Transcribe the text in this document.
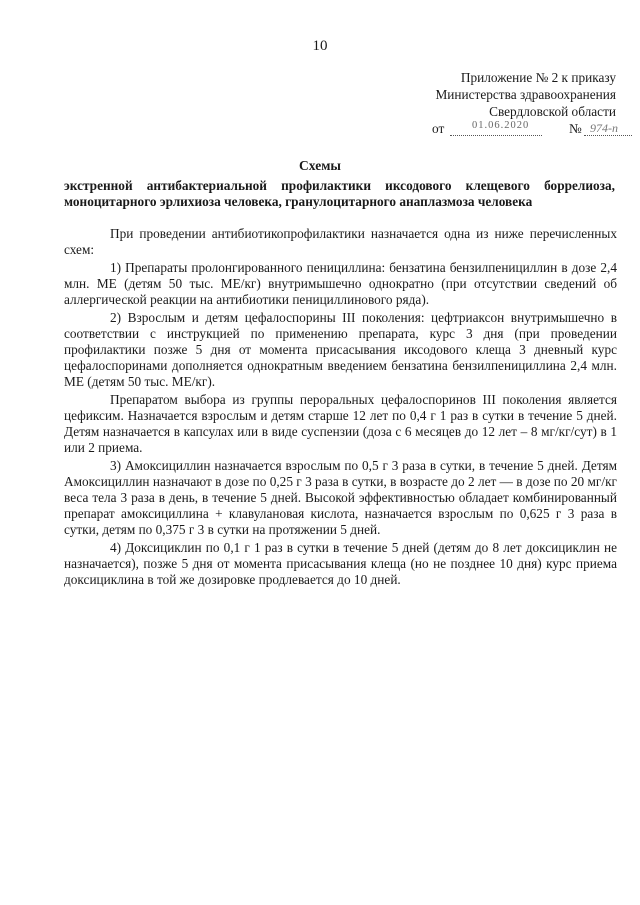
10
Приложение № 2 к приказу
Министерства здравоохранения
Свердловской области
от	01.06.2020	№ 974-п
Схемы
экстренной антибактериальной профилактики иксодового клещевого боррелиоза, моноцитарного эрлихиоза человека, гранулоцитарного анаплазмоза человека

При проведении антибиотикопрофилактики назначается одна из ниже перечисленных схем:

1) Препараты пролонгированного пенициллина: бензатина бензилпенициллин в дозе 2,4 млн. МЕ (детям 50 тыс. МЕ/кг) внутримышечно однократно (при отсутствии сведений об аллергической реакции на антибиотики пенициллинового ряда).

2) Взрослым и детям цефалоспорины III поколения: цефтриаксон внутримышечно в соответствии с инструкцией по применению препарата, курс 3 дня (при проведении профилактики позже 5 дня от момента присасывания иксодового клеща 3 дневный курс цефалоспоринами дополняется однократным введением бензатина бензилпенициллина 2,4 млн. МЕ (детям 50 тыс. МЕ/кг).

Препаратом выбора из группы пероральных цефалоспоринов III поколения является цефиксим. Назначается взрослым и детям старше 12 лет по 0,4 г 1 раз в сутки в течение 5 дней. Детям назначается в капсулах или в виде суспензии (доза с 6 месяцев до 12 лет – 8 мг/кг/сут) в 1 или 2 приема.

3) Амоксициллин назначается взрослым по 0,5 г 3 раза в сутки, в течение 5 дней. Детям Амоксициллин назначают в дозе по 0,25 г 3 раза в сутки, в возрасте до 2 лет — в дозе по 20 мг/кг веса тела 3 раза в день, в течение 5 дней. Высокой эффективностью обладает комбинированный препарат амоксициллина + клавулановая кислота, назначается взрослым по 0,625 г 3 раза в сутки, детям по 0,375 г 3 в сутки на протяжении 5 дней.

4) Доксициклин по 0,1 г 1 раз в сутки в течение 5 дней (детям до 8 лет доксициклин не назначается), позже 5 дня от момента присасывания клеща (но не позднее 10 дня) курс приема доксициклина в той же дозировке продлевается до 10 дней.
